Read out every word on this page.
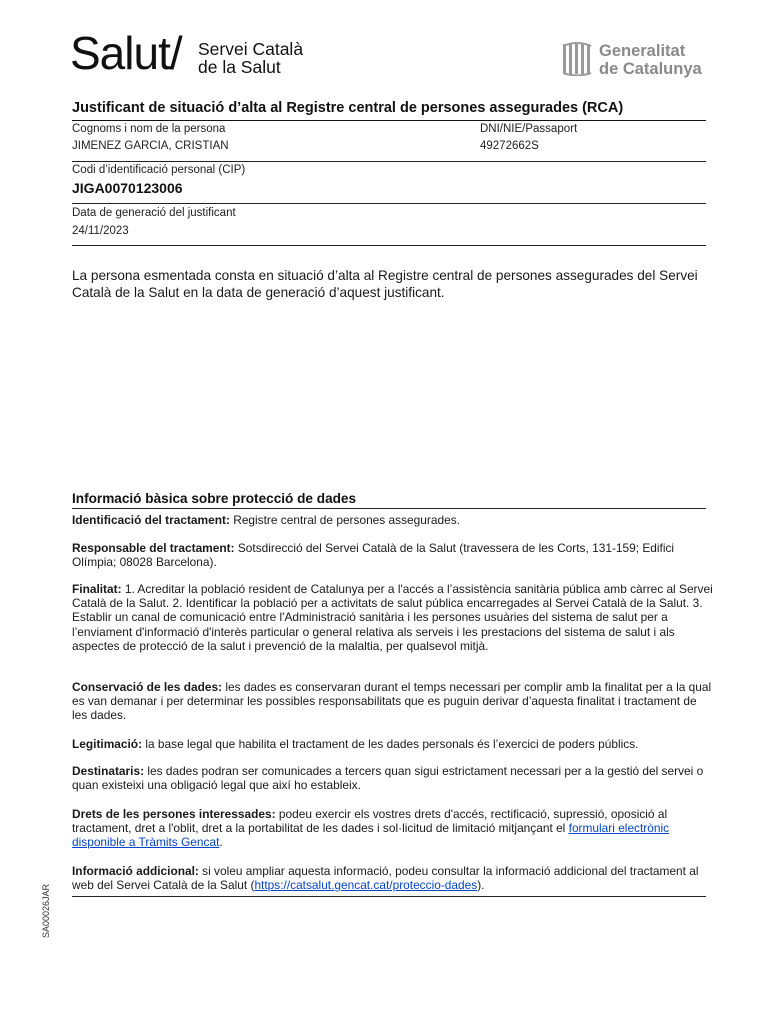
Salut/ Servei Català
de la Salut
Generalitat
de Catalunya
Justificant de situació d’alta al Registre central de persones assegurades (RCA)
Cognoms i nom de la persona	DNI/NIE/Passaport
JIMENEZ GARCIA, CRISTIAN	49272662S
Codi d’identificació personal (CIP)
JIGA0070123006
Data de generació del justificant
24/11/2023
La persona esmentada consta en situació d’alta al Registre central de persones assegurades del Servei Català de la Salut en la data de generació d’aquest justificant.
Informació bàsica sobre protecció de dades
Identificació del tractament: Registre central de persones assegurades.
Responsable del tractament: Sotsdirecció del Servei Català de la Salut (travessera de les Corts, 131-159; Edifici Olímpia; 08028 Barcelona).
Finalitat: 1. Acreditar la població resident de Catalunya per a l'accés a l’assistència sanitària pública amb càrrec al Servei Català de la Salut. 2. Identificar la població per a activitats de salut pública encarregades al Servei Català de la Salut. 3. Establir un canal de comunicació entre l'Administració sanitària i les persones usuàries del sistema de salut per a l’enviament d'informació d'interès particular o general relativa als serveis i les prestacions del sistema de salut i als aspectes de protecció de la salut i prevenció de la malaltia, per qualsevol mitjà.
Conservació de les dades: les dades es conservaran durant el temps necessari per complir amb la finalitat per a la qual es van demanar i per determinar les possibles responsabilitats que es puguin derivar d’aquesta finalitat i tractament de les dades.
Legitimació: la base legal que habilita el tractament de les dades personals és l’exercici de poders públics.
Destinataris: les dades podran ser comunicades a tercers quan sigui estrictament necessari per a la gestió del servei o quan existeixi una obligació legal que així ho estableix.
Drets de les persones interessades: podeu exercir els vostres drets d'accés, rectificació, supressió, oposició al tractament, dret a l'oblit, dret a la portabilitat de les dades i sol·licitud de limitació mitjançant el formulari electrònic disponible a Tràmits Gencat.
Informació addicional: si voleu ampliar aquesta informació, podeu consultar la informació addicional del tractament al web del Servei Català de la Salut (https://catsalut.gencat.cat/proteccio-dades).
SA00026JAR
